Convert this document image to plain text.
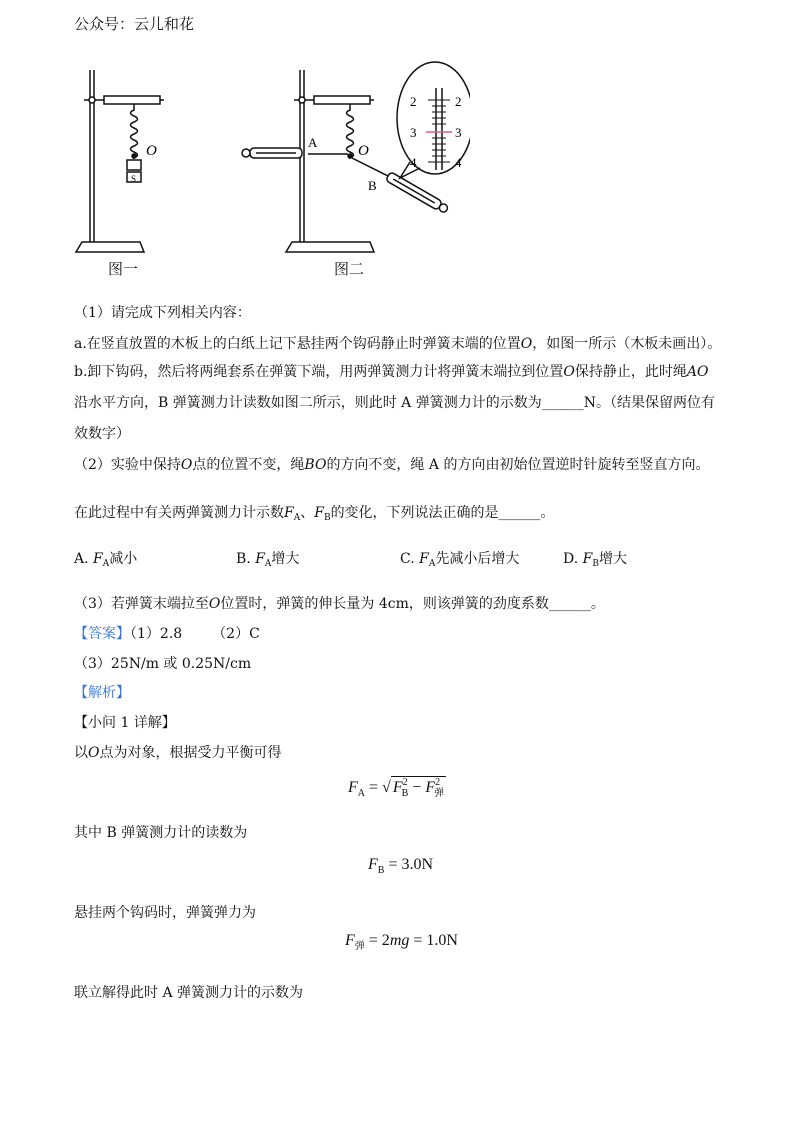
公众号：云儿和花
O
S
2	2
3	3
4	4
A
O
B
图一	图二
（1）请完成下列相关内容：
a.在竖直放置的木板上的白纸上记下悬挂两个钩码静止时弹簧末端的位置O，如图一所示（木板未画出）。
b.卸下钩码，然后将两绳套系在弹簧下端，用两弹簧测力计将弹簧末端拉到位置O保持静止，此时绳AO
沿水平方向，B 弹簧测力计读数如图二所示，则此时 A 弹簧测力计的示数为______N。（结果保留两位有
效数字）
（2）实验中保持O点的位置不变，绳BO的方向不变，绳 A 的方向由初始位置逆时针旋转至竖直方向。
在此过程中有关两弹簧测力计示数$F_A$、$F_B$的变化，下列说法正确的是______。
A. $F_A$减小	B. $F_A$增大	C. $F_A$先减小后增大	D. $F_B$增大
（3）若弹簧末端拉至O位置时，弹簧的伸长量为 4cm，则该弹簧的劲度系数______。
【答案】（1）2.8 （2）C
（3）25N/m 或 0.25N/cm
【解析】
【小问 1 详解】
以O点为对象，根据受力平衡可得
$F_A$ = √ $F^2_B - F^2_弹$
其中 B 弹簧测力计的读数为
$F_B = 3.0N$
悬挂两个钩码时，弹簧弹力为
$F_弹 = 2mg = 1.0N$
联立解得此时 A 弹簧测力计的示数为
